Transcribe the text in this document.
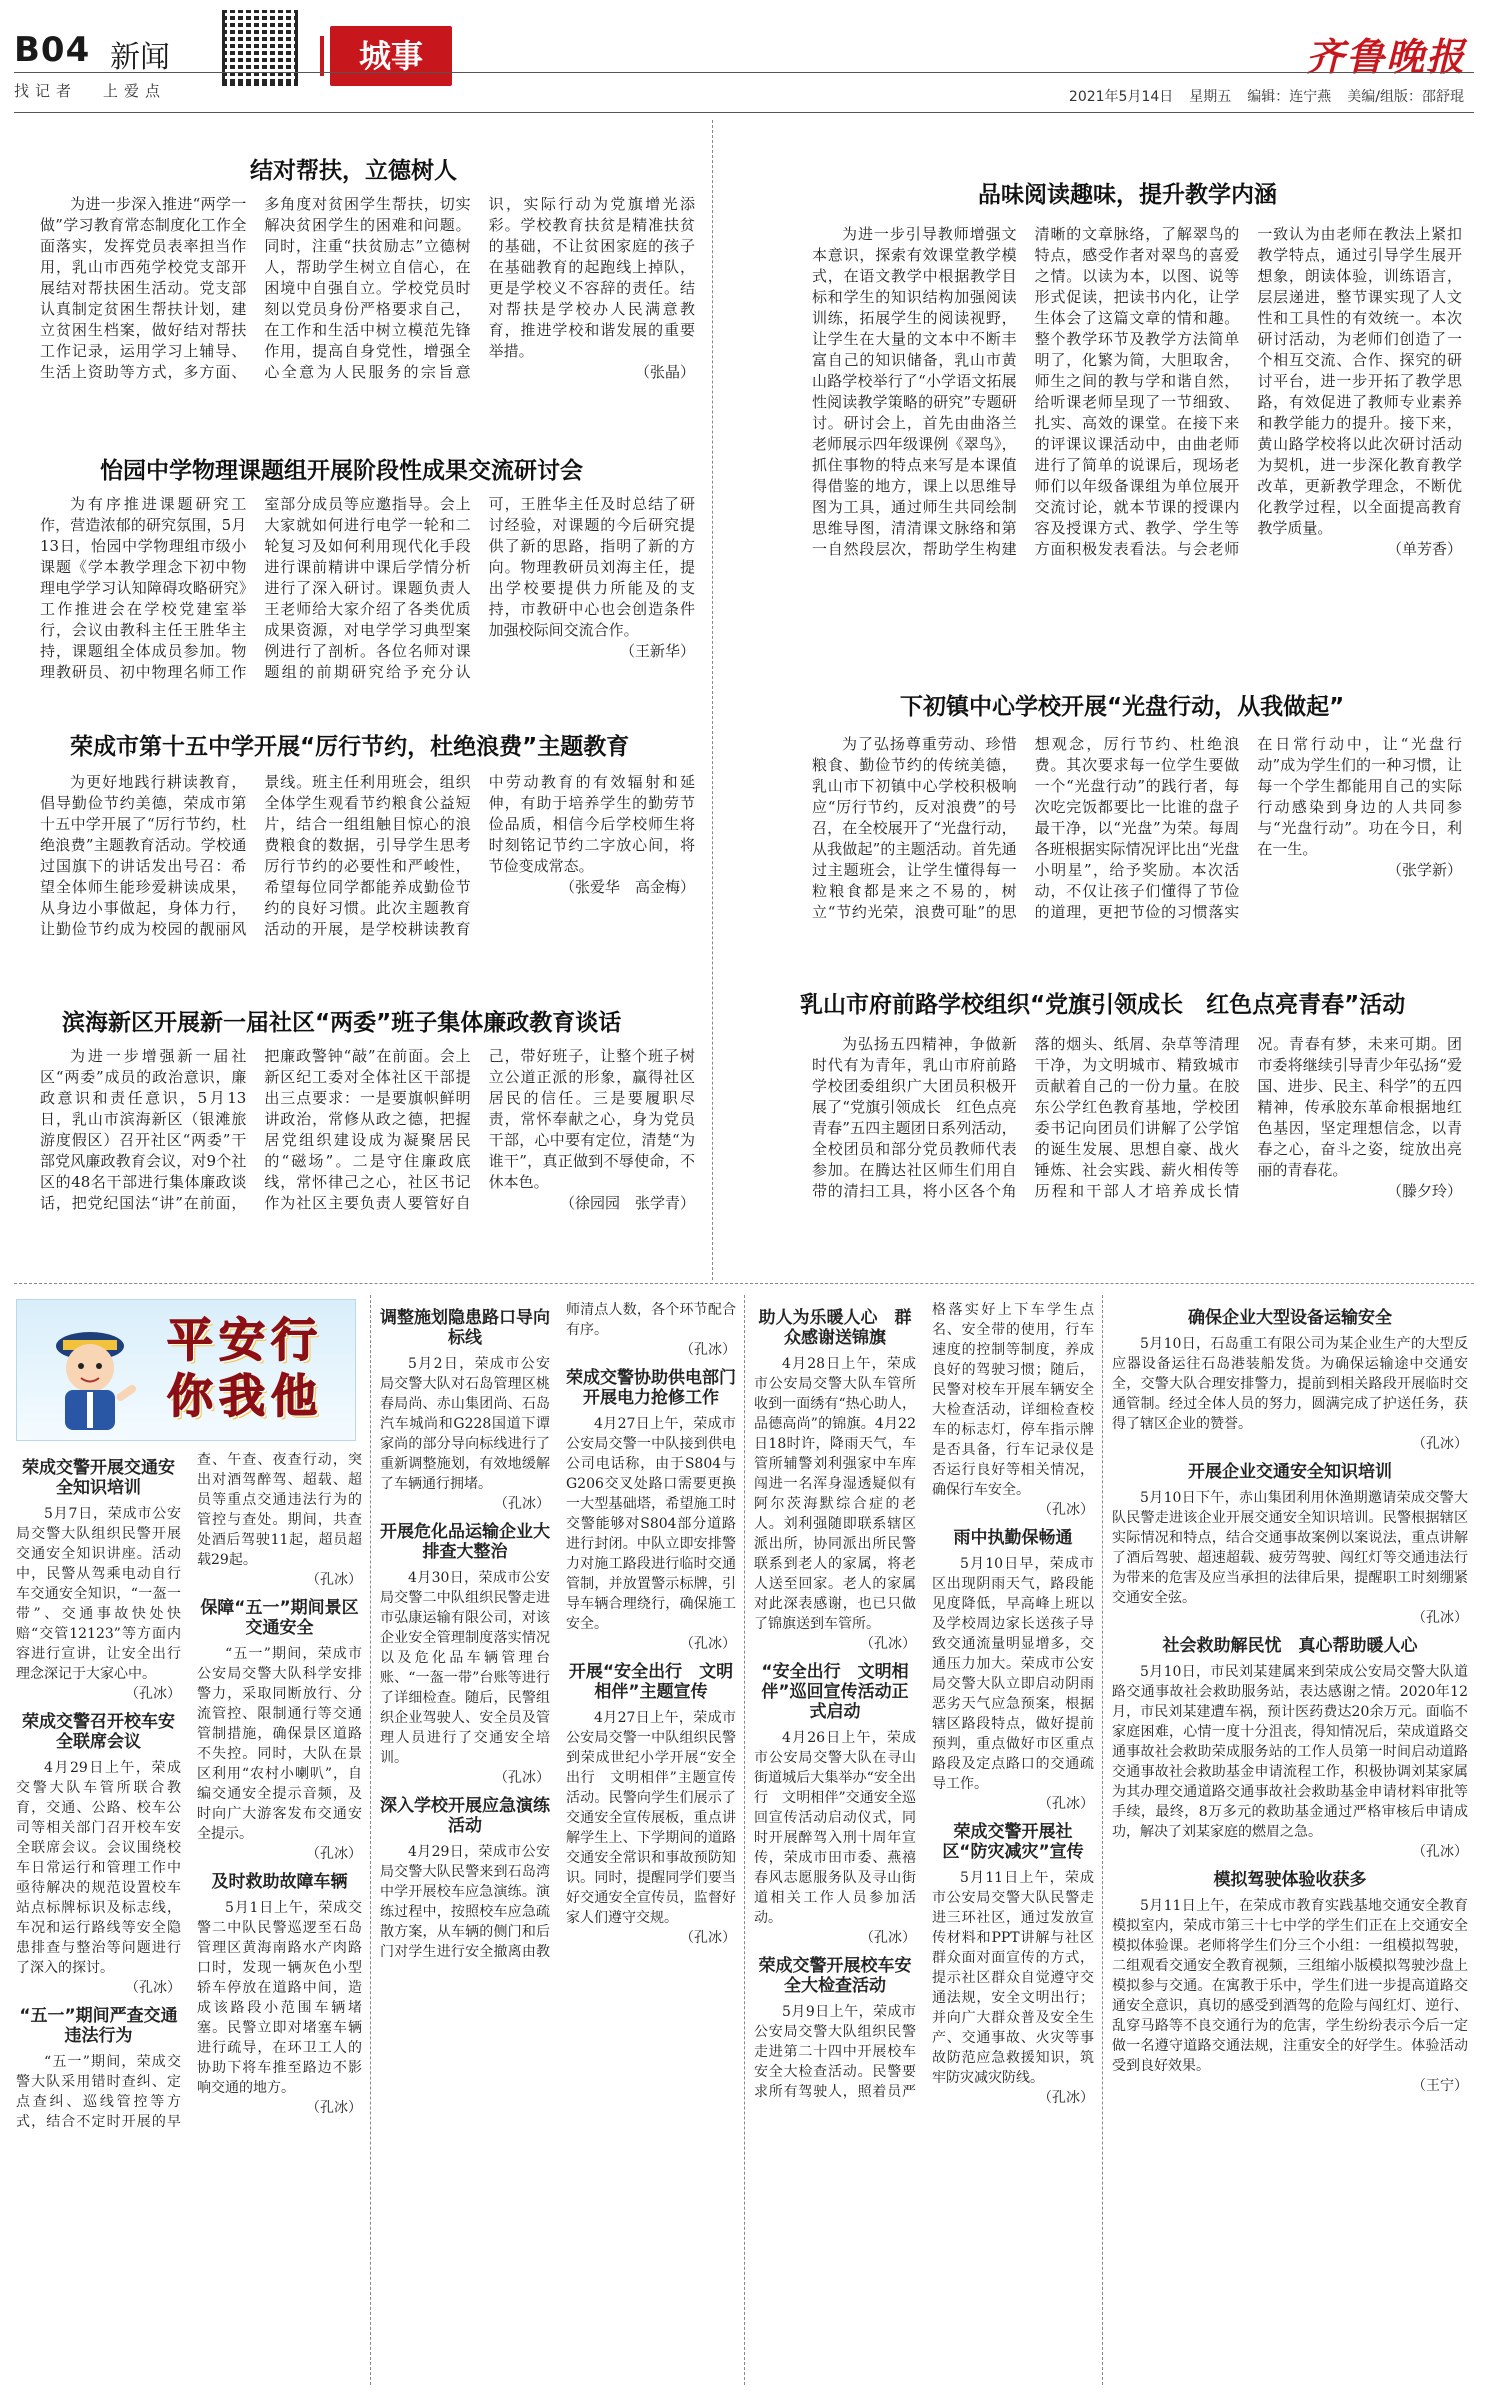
B04 新闻
找记者 上爱点
城事	齐鲁晚报
2021年5月14日 星期五 编辑：连宁燕 美编/组版：邵舒琨
结对帮扶，立德树人

为进一步深入推进“两学一做”学习教育常态制度化工作全面落实，发挥党员表率担当作用，乳山市西苑学校党支部开展结对帮扶困生活动。党支部认真制定贫困生帮扶计划，建立贫困生档案，做好结对帮扶工作记录，运用学习上辅导、生活上资助等方式，多方面、多角度对贫困学生帮扶，切实解决贫困学生的困难和问题。同时，注重“扶贫励志”立德树人，帮助学生树立自信心，在困境中自强自立。学校党员时刻以党员身份严格要求自己，在工作和生活中树立模范先锋作用，提高自身党性，增强全心全意为人民服务的宗旨意识，实际行动为党旗增光添彩。学校教育扶贫是精准扶贫的基础，不让贫困家庭的孩子在基础教育的起跑线上掉队，更是学校义不容辞的责任。结对帮扶是学校办人民满意教育，推进学校和谐发展的重要举措。

（张晶）
怡园中学物理课题组开展阶段性成果交流研讨会

为有序推进课题研究工作，营造浓郁的研究氛围，5月13日，怡园中学物理组市级小课题《学本教学理念下初中物理电学学习认知障碍攻略研究》工作推进会在学校党建室举行，会议由教科主任王胜华主持，课题组全体成员参加。物理教研员、初中物理名师工作室部分成员等应邀指导。会上大家就如何进行电学一轮和二轮复习及如何利用现代化手段进行课前精讲中课后学情分析进行了深入研讨。课题负责人王老师给大家介绍了各类优质成果资源，对电学学习典型案例进行了剖析。各位名师对课题组的前期研究给予充分认可，王胜华主任及时总结了研讨经验，对课题的今后研究提供了新的思路，指明了新的方向。物理教研员刘海主任，提出学校要提供力所能及的支持，市教研中心也会创造条件加强校际间交流合作。

（王新华）
荣成市第十五中学开展“厉行节约，杜绝浪费”主题教育

为更好地践行耕读教育，倡导勤俭节约美德，荣成市第十五中学开展了“厉行节约，杜绝浪费”主题教育活动。学校通过国旗下的讲话发出号召：希望全体师生能珍爱耕读成果，从身边小事做起，身体力行，让勤俭节约成为校园的靓丽风景线。班主任利用班会，组织全体学生观看节约粮食公益短片，结合一组组触目惊心的浪费粮食的数据，引导学生思考厉行节约的必要性和严峻性，希望每位同学都能养成勤俭节约的良好习惯。此次主题教育活动的开展，是学校耕读教育中劳动教育的有效辐射和延伸，有助于培养学生的勤劳节俭品质，相信今后学校师生将时刻铭记节约二字放心间，将节俭变成常态。

（张爱华　高金梅）
滨海新区开展新一届社区“两委”班子集体廉政教育谈话

为进一步增强新一届社区“两委”成员的政治意识，廉政意识和责任意识，5月13日，乳山市滨海新区（银滩旅游度假区）召开社区“两委”干部党风廉政教育会议，对9个社区的48名干部进行集体廉政谈话，把党纪国法“讲”在前面，把廉政警钟“敲”在前面。会上新区纪工委对全体社区干部提出三点要求：一是要旗帜鲜明讲政治，常修从政之德，把握居党组织建设成为凝聚居民的“磁场”。二是守住廉政底线，常怀律己之心，社区书记作为社区主要负责人要管好自己，带好班子，让整个班子树立公道正派的形象，赢得社区居民的信任。三是要履职尽责，常怀奉献之心，身为党员干部，心中要有定位，清楚“为谁干”，真正做到不辱使命，不休本色。

（徐园园　张学青）
品味阅读趣味，提升教学内涵

为进一步引导教师增强文本意识，探索有效课堂教学模式，在语文教学中根据教学目标和学生的知识结构加强阅读训练，拓展学生的阅读视野，让学生在大量的文本中不断丰富自己的知识储备，乳山市黄山路学校举行了“小学语文拓展性阅读教学策略的研究”专题研讨。研讨会上，首先由曲洛兰老师展示四年级课例《翠鸟》，抓住事物的特点来写是本课值得借鉴的地方，课上以思维导图为工具，通过师生共同绘制思维导图，清清课文脉络和第一自然段层次，帮助学生构建清晰的文章脉络，了解翠鸟的特点，感受作者对翠鸟的喜爱之情。以读为本，以图、说等形式促读，把读书内化，让学生体会了这篇文章的情和趣。整个教学环节及教学方法简单明了，化繁为简，大胆取舍，师生之间的教与学和谐自然，给听课老师呈现了一节细致、扎实、高效的课堂。在接下来的评课议课活动中，由曲老师进行了简单的说课后，现场老师们以年级备课组为单位展开交流讨论，就本节课的授课内容及授课方式、教学、学生等方面积极发表看法。与会老师一致认为由老师在教法上紧扣教学特点，通过引导学生展开想象，朗读体验，训练语言，层层递进，整节课实现了人文性和工具性的有效统一。本次研讨活动，为老师们创造了一个相互交流、合作、探究的研讨平台，进一步开拓了教学思路，有效促进了教师专业素养和教学能力的提升。接下来，黄山路学校将以此次研讨活动为契机，进一步深化教育教学改革，更新教学理念，不断优化教学过程，以全面提高教育教学质量。

（单芳香）
下初镇中心学校开展“光盘行动，从我做起”

为了弘扬尊重劳动、珍惜粮食、勤俭节约的传统美德，乳山市下初镇中心学校积极响应“厉行节约，反对浪费”的号召，在全校展开了“光盘行动，从我做起”的主题活动。首先通过主题班会，让学生懂得每一粒粮食都是来之不易的，树立“节约光荣，浪费可耻”的思想观念，厉行节约、杜绝浪费。其次要求每一位学生要做一个“光盘行动”的践行者，每次吃完饭都要比一比谁的盘子最干净，以“光盘”为荣。每周各班根据实际情况评比出“光盘小明星”，给予奖励。本次活动，不仅让孩子们懂得了节俭的道理，更把节俭的习惯落实在日常行动中，让“光盘行动”成为学生们的一种习惯，让每一个学生都能用自己的实际行动感染到身边的人共同参与“光盘行动”。功在今日，利在一生。

（张学新）
乳山市府前路学校组织“党旗引领成长　红色点亮青春”活动

为弘扬五四精神，争做新时代有为青年，乳山市府前路学校团委组织广大团员积极开展了“党旗引领成长　红色点亮青春”五四主题团日系列活动，全校团员和部分党员教师代表参加。在腾达社区师生们用自带的清扫工具，将小区各个角落的烟头、纸屑、杂草等清理干净，为文明城市、精致城市贡献着自己的一份力量。在胶东公学红色教育基地，学校团委书记向团员们讲解了公学馆的诞生发展、思想自豪、战火锤炼、社会实践、薪火相传等历程和干部人才培养成长情况。青春有梦，未来可期。团市委将继续引导青少年弘扬“爱国、进步、民主、科学”的五四精神，传承胶东革命根据地红色基因，坚定理想信念，以青春之心，奋斗之姿，绽放出亮丽的青春花。

（滕夕玲）
平安行
你我他
荣成交警开展交通安全知识培训

5月7日，荣成市公安局交警大队组织民警开展交通安全知识讲座。活动中，民警从驾乘电动自行车交通安全知识，“一盔一带”、交通事故快处快赔“交管12123”等方面内容进行宣讲，让安全出行理念深记于大家心中。

（孔冰）
荣成交警召开校车安全联席会议

4月29日上午，荣成交警大队车管所联合教育，交通、公路、校车公司等相关部门召开校车安全联席会议。会议围绕校车日常运行和管理工作中亟待解决的规范设置校车站点标牌标识及标志线，车况和运行路线等安全隐患排查与整治等问题进行了深入的探讨。

（孔冰）
“五一”期间严查交通违法行为

“五一”期间，荣成交警大队采用错时查纠、定点查纠、巡线管控等方式，结合不定时开展的早查、午查、夜查行动，突出对酒驾醉驾、超载、超员等重点交通违法行为的管控与查处。期间，共查处酒后驾驶11起，超员超载29起。

（孔冰）
保障“五一”期间景区交通安全

“五一”期间，荣成市公安局交警大队科学安排警力，采取同断放行、分流管控、限制通行等交通管制措施，确保景区道路不失控。同时，大队在景区利用“农村小喇叭”，自编交通安全提示音频，及时向广大游客发布交通安全提示。

（孔冰）
及时救助故障车辆

5月1日上午，荣成交警二中队民警巡逻至石岛管理区黄海南路水产肉路口时，发现一辆灰色小型轿车停放在道路中间，造成该路段小范围车辆堵塞。民警立即对堵塞车辆进行疏导，在环卫工人的协助下将车推至路边不影响交通的地方。

（孔冰）
调整施划隐患路口导向标线

5月2日，荣成市公安局交警大队对石岛管理区桃春局尚、赤山集团尚、石岛汽车城尚和G228国道下谭家尚的部分导向标线进行了重新调整施划，有效地缓解了车辆通行拥堵。

（孔冰）
开展危化品运输企业大排查大整治

4月30日，荣成市公安局交警二中队组织民警走进市弘康运输有限公司，对该企业安全管理制度落实情况以及危化品车辆管理台账、“一盔一带”台账等进行了详细检查。随后，民警组织企业驾驶人、安全员及管理人员进行了交通安全培训。

（孔冰）
深入学校开展应急演练活动

4月29日，荣成市公安局交警大队民警来到石岛湾中学开展校车应急演练。演练过程中，按照校车应急疏散方案，从车辆的侧门和后门对学生进行安全撤离由教师清点人数，各个环节配合有序。

（孔冰）
荣成交警协助供电部门开展电力抢修工作

4月27日上午，荣成市公安局交警一中队接到供电公司电话称，由于S804与G206交叉处路口需要更换一大型基础塔，希望施工时交警能够对S804部分道路进行封闭。中队立即安排警力对施工路段进行临时交通管制，并放置警示标牌，引导车辆合理绕行，确保施工安全。

（孔冰）
开展“安全出行　文明相伴”主题宣传

4月27日上午，荣成市公安局交警一中队组织民警到荣成世纪小学开展“安全出行　文明相伴”主题宣传活动。民警向学生们展示了交通安全宣传展板，重点讲解学生上、下学期间的道路交通安全常识和事故预防知识。同时，提醒同学们要当好交通安全宣传员，监督好家人们遵守交规。

（孔冰）
助人为乐暖人心　群众感谢送锦旗

4月28日上午，荣成市公安局交警大队车管所收到一面绣有“热心助人，品德高尚”的锦旗。4月22日18时许，降雨天气，车管所辅警刘利强家中车库闯进一名浑身湿透疑似有阿尔茨海默综合症的老人。刘利强随即联系辖区派出所，协同派出所民警联系到老人的家属，将老人送至回家。老人的家属对此深表感谢，也已只做了锦旗送到车管所。

（孔冰）
“安全出行　文明相伴”巡回宣传活动正式启动

4月26日上午，荣成市公安局交警大队在寻山街道城后大集举办“安全出行　文明相伴”交通安全巡回宣传活动启动仪式，同时开展醉驾入刑十周年宣传，荣成市田市委、燕禧春风志愿服务队及寻山街道相关工作人员参加活动。

（孔冰）
荣成交警开展校车安全大检查活动

5月9日上午，荣成市公安局交警大队组织民警走进第二十四中开展校车安全大检查活动。民警要求所有驾驶人，照着员严格落实好上下车学生点名、安全带的使用，行车速度的控制等制度，养成良好的驾驶习惯；随后，民警对校车开展车辆安全大检查活动，详细检查校车的标志灯，停车指示牌是否具备，行车记录仪是否运行良好等相关情况，确保行车安全。

（孔冰）
雨中执勤保畅通

5月10日早，荣成市区出现阴雨天气，路段能见度降低，早高峰上班以及学校周边家长送孩子导致交通流量明显增多，交通压力加大。荣成市公安局交警大队立即启动阴雨恶劣天气应急预案，根据辖区路段特点，做好提前预判，重点做好市区重点路段及定点路口的交通疏导工作。

（孔冰）
荣成交警开展社区“防灾减灾”宣传

5月11日上午，荣成市公安局交警大队民警走进三环社区，通过发放宣传材料和PPT讲解与社区群众面对面宣传的方式，提示社区群众自觉遵守交通法规，安全文明出行；并向广大群众普及安全生产、交通事故、火灾等事故防范应急救援知识，筑牢防灾减灾防线。

（孔冰）
确保企业大型设备运输安全

5月10日，石岛重工有限公司为某企业生产的大型反应器设备运往石岛港装船发货。为确保运输途中交通安全，交警大队合理安排警力，提前到相关路段开展临时交通管制。经过全体人员的努力，圆满完成了护送任务，获得了辖区企业的赞誉。

（孔冰）
开展企业交通安全知识培训

5月10日下午，赤山集团利用休渔期邀请荣成交警大队民警走进该企业开展交通安全知识培训。民警根据辖区实际情况和特点，结合交通事故案例以案说法，重点讲解了酒后驾驶、超速超载、疲劳驾驶、闯红灯等交通违法行为带来的危害及应当承担的法律后果，提醒职工时刻绷紧交通安全弦。

（孔冰）
社会救助解民忧　真心帮助暖人心

5月10日，市民刘某建属来到荣成公安局交警大队道路交通事故社会救助服务站，表达感谢之情。2020年12月，市民刘某建遭车祸，预计医药费达20余万元。面临不家庭困难，心情一度十分沮丧，得知情况后，荣成道路交通事故社会救助荣成服务站的工作人员第一时间启动道路交通事故社会救助基金申请流程工作，积极协调刘某家属为其办理交通道路交通事故社会救助基金申请材料审批等手续，最终，8万多元的救助基金通过严格审核后申请成功，解决了刘某家庭的燃眉之急。

（孔冰）
模拟驾驶体验收获多

5月11日上午，在荣成市教育实践基地交通安全教育模拟室内，荣成市第三十七中学的学生们正在上交通安全模拟体验课。老师将学生们分三个小组：一组模拟驾驶，二组观看交通安全教育视频，三组缩小版模拟驾驶沙盘上模拟参与交通。在寓教于乐中，学生们进一步提高道路交通安全意识，真切的感受到酒驾的危险与闯红灯、逆行、乱穿马路等不良交通行为的危害，学生纷纷表示今后一定做一名遵守道路交通法规，注重安全的好学生。体验活动受到良好效果。

（王宁）
